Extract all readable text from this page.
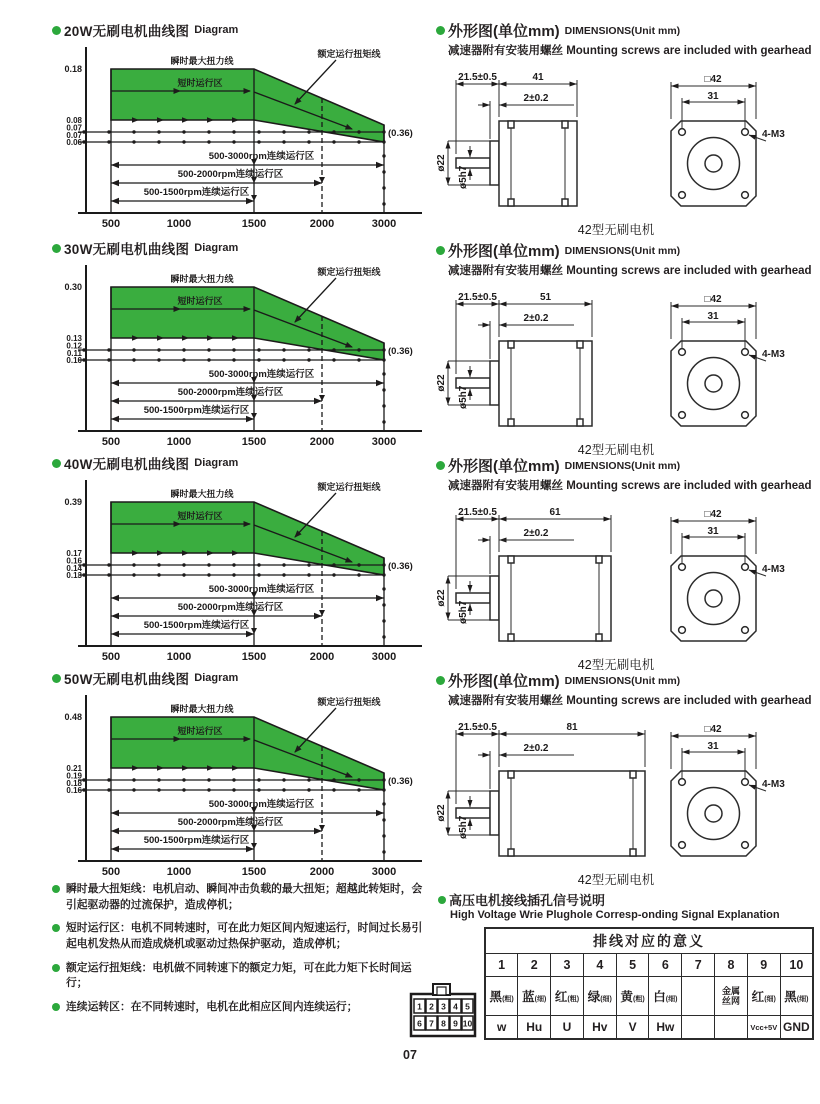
20W无刷电机曲线图 Diagram
500-3000rpm连续运行区
500-2000rpm连续运行区
500-1500rpm连续运行区
瞬时最大扭力线
短时运行区
额定运行扭矩线
(0.36)
0.18
0.08
0.07
0.07
0.06
500	1000	1500	2000	3000
30W无刷电机曲线图 Diagram
500-3000rpm连续运行区
500-2000rpm连续运行区
500-1500rpm连续运行区
瞬时最大扭力线
短时运行区
额定运行扭矩线
(0.36)
0.30
0.13
0.12
0.11
0.10
500	1000	1500	2000	3000
40W无刷电机曲线图 Diagram
500-3000rpm连续运行区
500-2000rpm连续运行区
500-1500rpm连续运行区
瞬时最大扭力线
短时运行区
额定运行扭矩线
(0.36)
0.39
0.17
0.16
0.14
0.13
500	1000	1500	2000	3000
50W无刷电机曲线图 Diagram
500-3000rpm连续运行区
500-2000rpm连续运行区
500-1500rpm连续运行区
瞬时最大扭力线
短时运行区
额定运行扭矩线
(0.36)
0.48
0.21
0.19
0.18
0.16
500	1000	1500	2000	3000
外形图(单位mm) DIMENSIONS(Unit mm)
减速器附有安装用螺丝 Mounting screws are included with gearhead
21.5±0.5	41
2±0.2
ø22
ø5h7
□42
31
4-M3
42型无刷电机
外形图(单位mm) DIMENSIONS(Unit mm)
减速器附有安装用螺丝 Mounting screws are included with gearhead
21.5±0.5	51
2±0.2
ø22
ø5h7
□42
31
4-M3
42型无刷电机
外形图(单位mm) DIMENSIONS(Unit mm)
减速器附有安装用螺丝 Mounting screws are included with gearhead
21.5±0.5	61
2±0.2
ø22
ø5h7
□42
31
4-M3
42型无刷电机
外形图(单位mm) DIMENSIONS(Unit mm)
减速器附有安装用螺丝 Mounting screws are included with gearhead
21.5±0.5	81
2±0.2
ø22
ø5h7
□42
31
4-M3
42型无刷电机
瞬时最大扭矩线：电机启动、瞬间冲击负载的最大扭矩；超越此转矩时，会引起驱动器的过流保护，造成停机；
短时运行区：电机不同转速时，可在此力矩区间内短速运行，时间过长易引起电机发热从而造成烧机或驱动过热保护驱动，造成停机；
额定运行扭矩线：电机做不同转速下的额定力矩，可在此力矩下长时间运行；
连续运转区：在不同转速时，电机在此相应区间内连续运行；
高压电机接线插孔信号说明
High Voltage Wrie Plughole Corresp-onding Signal Explanation
1 2 3 4 5
6 7 8 9 10
排线对应的意义									
1	2	3	4	5	6	7	8	9	10
黑(粗)	蓝(细)	红(粗)	绿(细)	黄(粗)	白(细)		金属
丝网	红(细)	黑(细)
w	Hu	U	Hv	V	Hw			Vcc+5V	GND
07
